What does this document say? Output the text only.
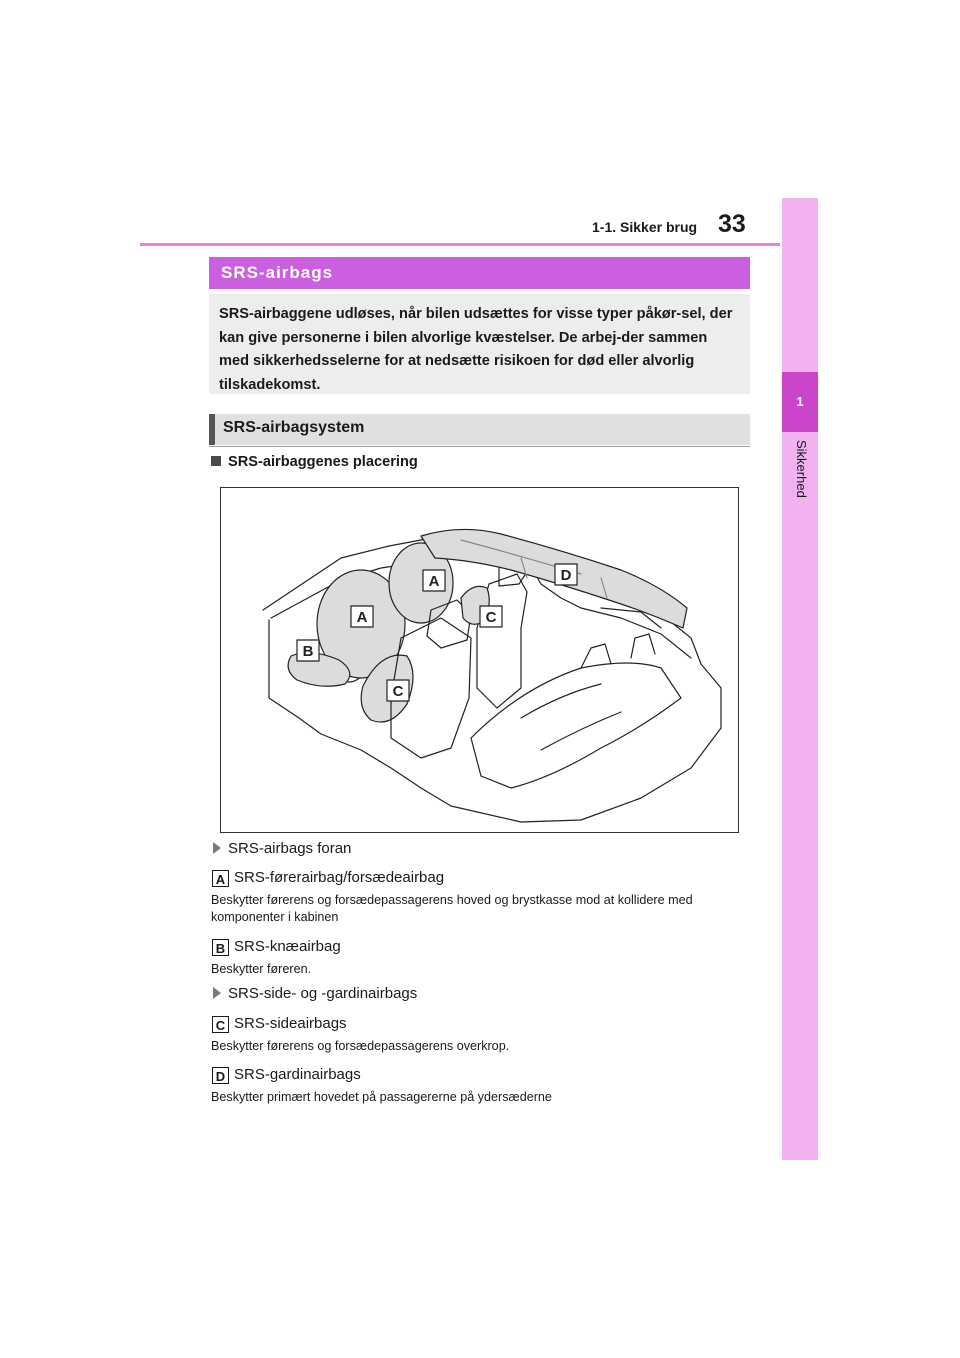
1-1. Sikker brug 33
1
Sikkerhed
SRS-airbags
SRS-airbaggene udløses, når bilen udsættes for visse typer påkør-sel, der kan give personerne i bilen alvorlige kvæstelser. De arbej-der sammen med sikkerhedsselerne for at nedsætte risikoen for død eller alvorlig tilskadekomst.
SRS-airbagsystem
SRS-airbaggenes placering
A	D
A	C
B
C
SRS-airbags foran
A SRS-førerairbag/forsædeairbag
Beskytter førerens og forsædepassagerens hoved og brystkasse mod at kollidere med komponenter i kabinen
B SRS-knæairbag
Beskytter føreren.
SRS-side- og -gardinairbags
C SRS-sideairbags
Beskytter førerens og forsædepassagerens overkrop.
D SRS-gardinairbags
Beskytter primært hovedet på passagererne på ydersæderne
